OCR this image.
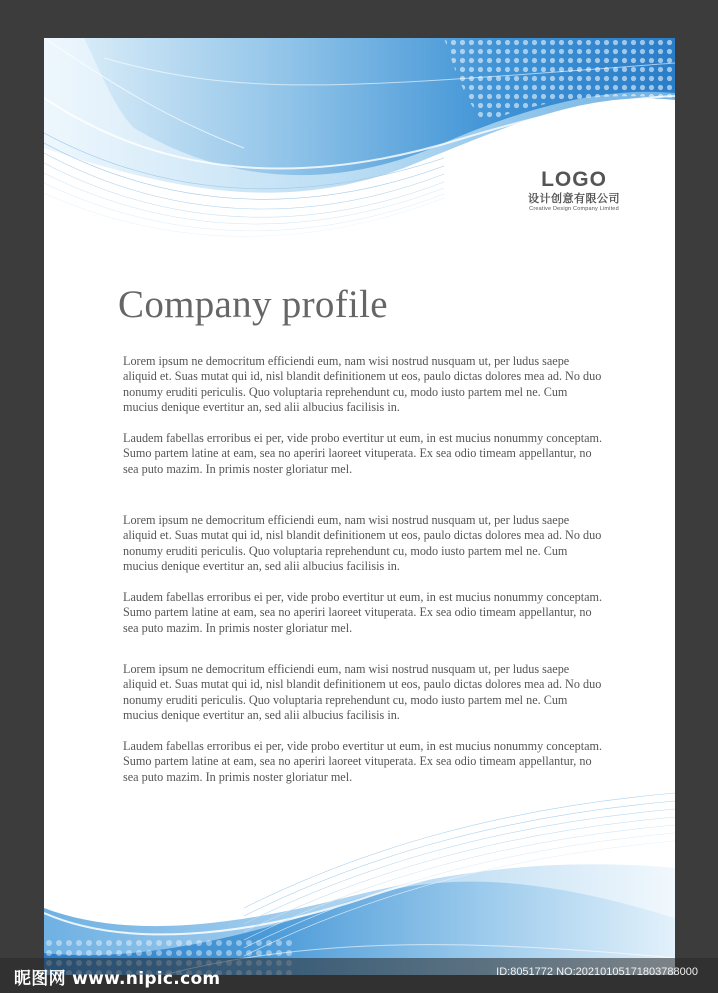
LOGO
设计创意有限公司
Creative Design Company Limited
Company profile

Lorem ipsum ne democritum efficiendi eum, nam wisi nostrud nusquam ut, per ludus saepe aliquid et. Suas mutat qui id, nisl blandit definitionem ut eos, paulo dictas dolores mea ad. No duo nonumy eruditi periculis. Quo voluptaria reprehendunt cu, modo iusto partem mel ne. Cum mucius denique evertitur an, sed alii albucius facilisis in.

Laudem fabellas erroribus ei per, vide probo evertitur ut eum, in est mucius nonummy conceptam. Sumo partem latine at eam, sea no aperiri laoreet vituperata. Ex sea odio timeam appellantur, no sea puto mazim. In primis noster gloriatur mel.

Lorem ipsum ne democritum efficiendi eum, nam wisi nostrud nusquam ut, per ludus saepe aliquid et. Suas mutat qui id, nisl blandit definitionem ut eos, paulo dictas dolores mea ad. No duo nonumy eruditi periculis. Quo voluptaria reprehendunt cu, modo iusto partem mel ne. Cum mucius denique evertitur an, sed alii albucius facilisis in.

Laudem fabellas erroribus ei per, vide probo evertitur ut eum, in est mucius nonummy conceptam. Sumo partem latine at eam, sea no aperiri laoreet vituperata. Ex sea odio timeam appellantur, no sea puto mazim. In primis noster gloriatur mel.

Lorem ipsum ne democritum efficiendi eum, nam wisi nostrud nusquam ut, per ludus saepe aliquid et. Suas mutat qui id, nisl blandit definitionem ut eos, paulo dictas dolores mea ad. No duo nonumy eruditi periculis. Quo voluptaria reprehendunt cu, modo iusto partem mel ne. Cum mucius denique evertitur an, sed alii albucius facilisis in.

Laudem fabellas erroribus ei per, vide probo evertitur ut eum, in est mucius nonummy conceptam. Sumo partem latine at eam, sea no aperiri laoreet vituperata. Ex sea odio timeam appellantur, no sea puto mazim. In primis noster gloriatur mel.

昵图网 www.nipic.com	ID:8051772 NO:20210105171803788000
